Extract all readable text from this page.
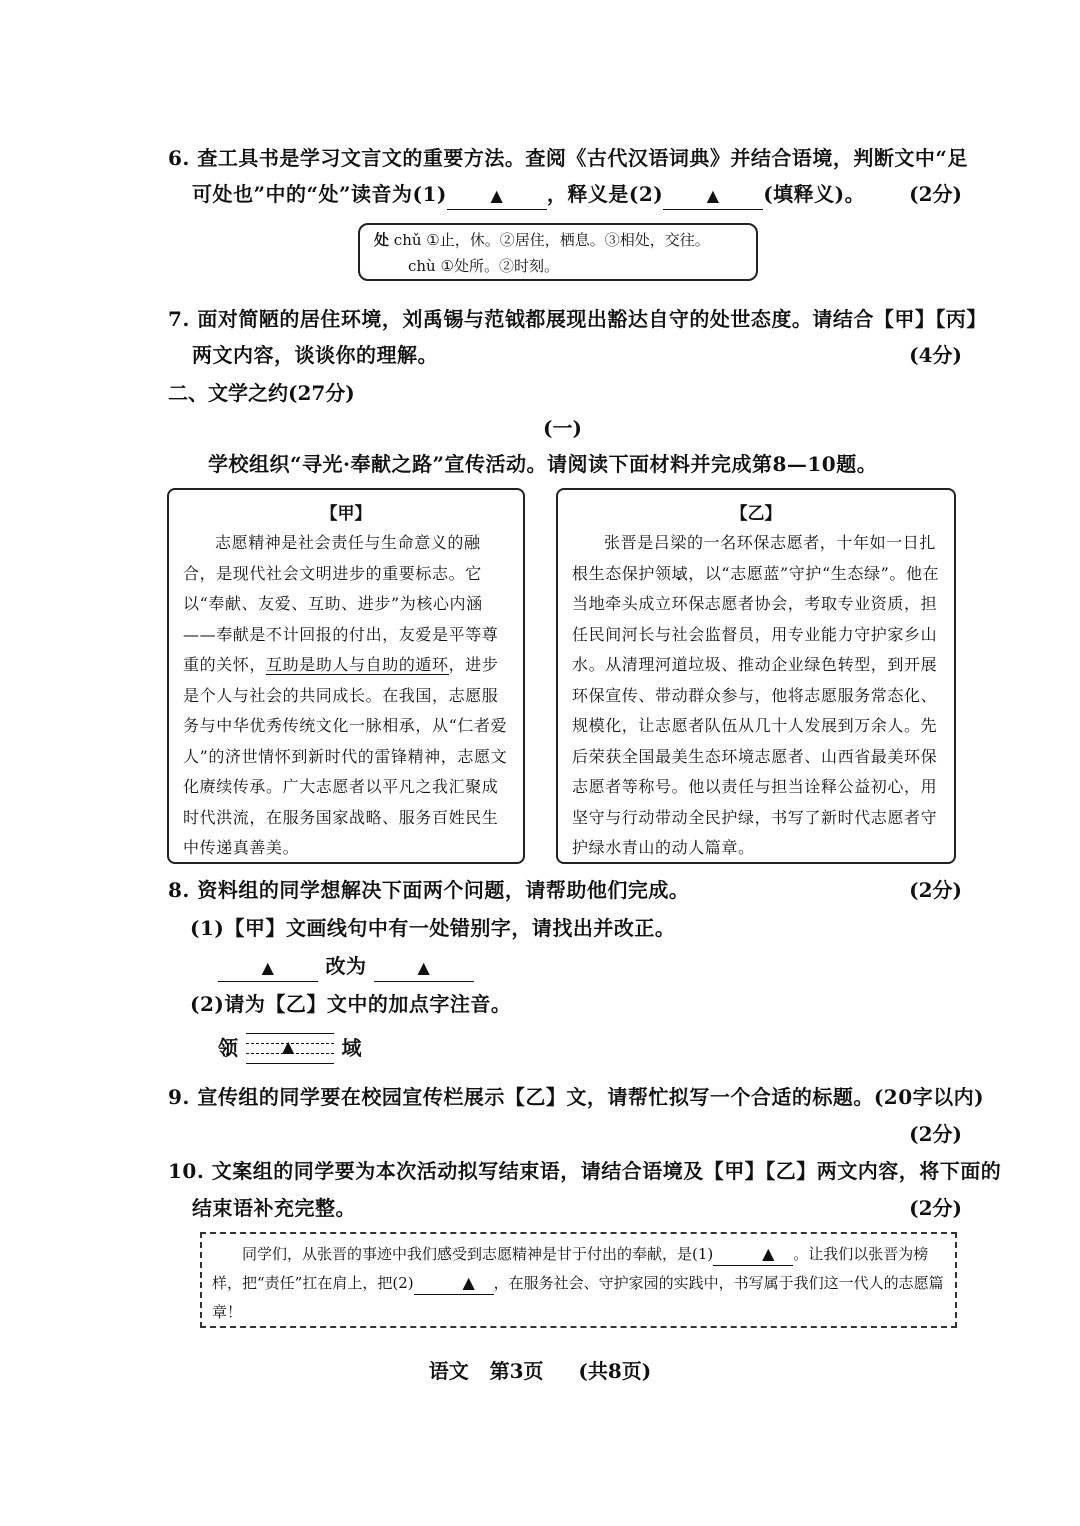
6. 查工具书是学习文言文的重要方法。查阅《古代汉语词典》并结合语境，判断文中“足
可处也”中的“处”读音为(1)	▲ ，释义是(2)	▲ (填释义)。 (2分)
处 chǔ ①止，休。②居住，栖息。③相处，交往。
chù ①处所。②时刻。
7. 面对简陋的居住环境，刘禹锡与范钺都展现出豁达自守的处世态度。请结合【甲】【丙】
两文内容，谈谈你的理解。	(4分)
二、文学之约(27分)
(一)
学校组织“寻光·奉献之路”宣传活动。请阅读下面材料并完成第8—10题。
【甲】
志愿精神是社会责任与生命意义的融合，是现代社会文明进步的重要标志。它以“奉献、友爱、互助、进步”为核心内涵——奉献是不计回报的付出，友爱是平等尊重的关怀，互助是助人与自助的遁环，进步是个人与社会的共同成长。在我国，志愿服务与中华优秀传统文化一脉相承，从“仁者爱人”的济世情怀到新时代的雷锋精神，志愿文化赓续传承。广大志愿者以平凡之我汇聚成时代洪流，在服务国家战略、服务百姓民生中传递真善美。
【乙】
张晋是吕梁的一名环保志愿者，十年如一日扎根生态保护领域，以“志愿蓝”守护“生态绿”。他在当地牵头成立环保志愿者协会，考取专业资质，担任民间河长与社会监督员，用专业能力守护家乡山水。从清理河道垃圾、推动企业绿色转型，到开展环保宣传、带动群众参与，他将志愿服务常态化、规模化，让志愿者队伍从几十人发展到万余人。先后荣获全国最美生态环境志愿者、山西省最美环保志愿者等称号。他以责任与担当诠释公益初心，用坚守与行动带动全民护绿，书写了新时代志愿者守护绿水青山的动人篇章。
8. 资料组的同学想解决下面两个问题，请帮助他们完成。	(2分)
(1)【甲】文画线句中有一处错别字，请找出并改正。
▲	改为	▲
(2)请为【乙】文中的加点字注音。
领	▲ 域
9. 宣传组的同学要在校园宣传栏展示【乙】文，请帮忙拟写一个合适的标题。(20字以内)
(2分)
10. 文案组的同学要为本次活动拟写结束语，请结合语境及【甲】【乙】两文内容，将下面的
结束语补充完整。	(2分)
同学们，从张晋的事迹中我们感受到志愿精神是甘于付出的奉献，是(1)	▲ 。让我们以张晋为榜样，把“责任”扛在肩上，把(2)	▲ ，在服务社会、守护家园的实践中，书写属于我们这一代人的志愿篇章！
语文 第3页 (共8页)
